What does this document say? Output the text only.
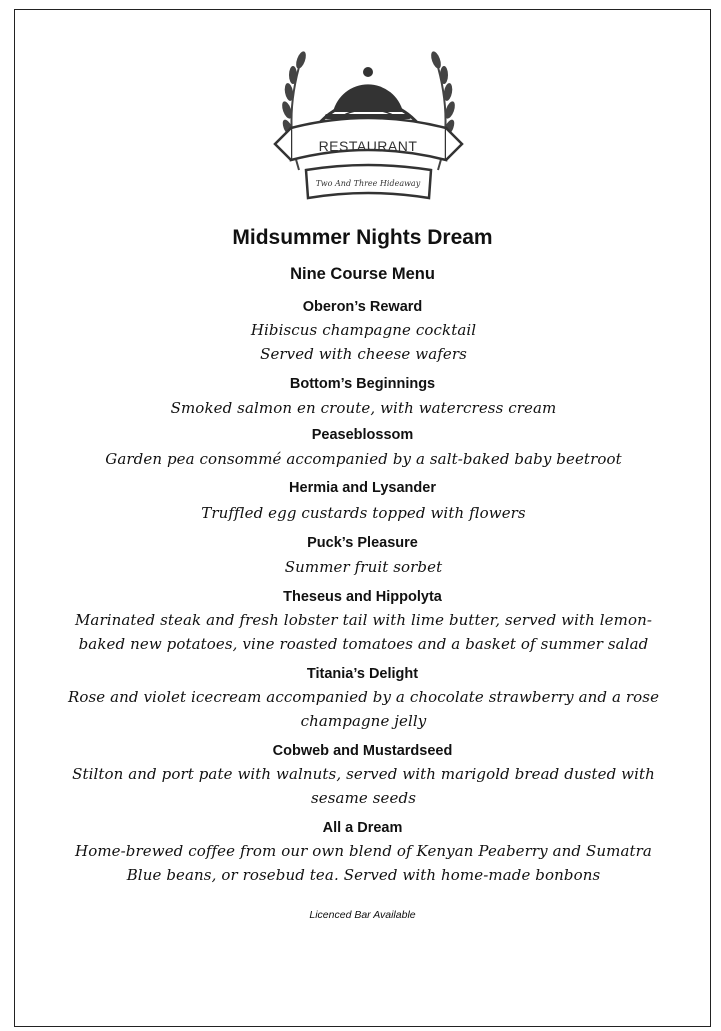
RESTAURANT
Two And Three Hideaway
Midsummer Nights Dream
Nine Course Menu
Oberon’s Reward
Hibiscus champagne cocktail
Served with cheese wafers
Bottom’s Beginnings
Smoked salmon en croute, with watercress cream
Peaseblossom
Garden pea consommé accompanied by a salt-baked baby beetroot
Hermia and Lysander
Truffled egg custards topped with flowers
Puck’s Pleasure
Summer fruit sorbet
Theseus and Hippolyta
Marinated steak and fresh lobster tail with lime butter, served with lemon-
baked new potatoes, vine roasted tomatoes and a basket of summer salad
Titania’s Delight
Rose and violet icecream accompanied by a chocolate strawberry and a rose
champagne jelly
Cobweb and Mustardseed
Stilton and port pate with walnuts, served with marigold bread dusted with
sesame seeds
All a Dream
Home-brewed coffee from our own blend of Kenyan Peaberry and Sumatra
Blue beans, or rosebud tea. Served with home-made bonbons
Licenced Bar Available
